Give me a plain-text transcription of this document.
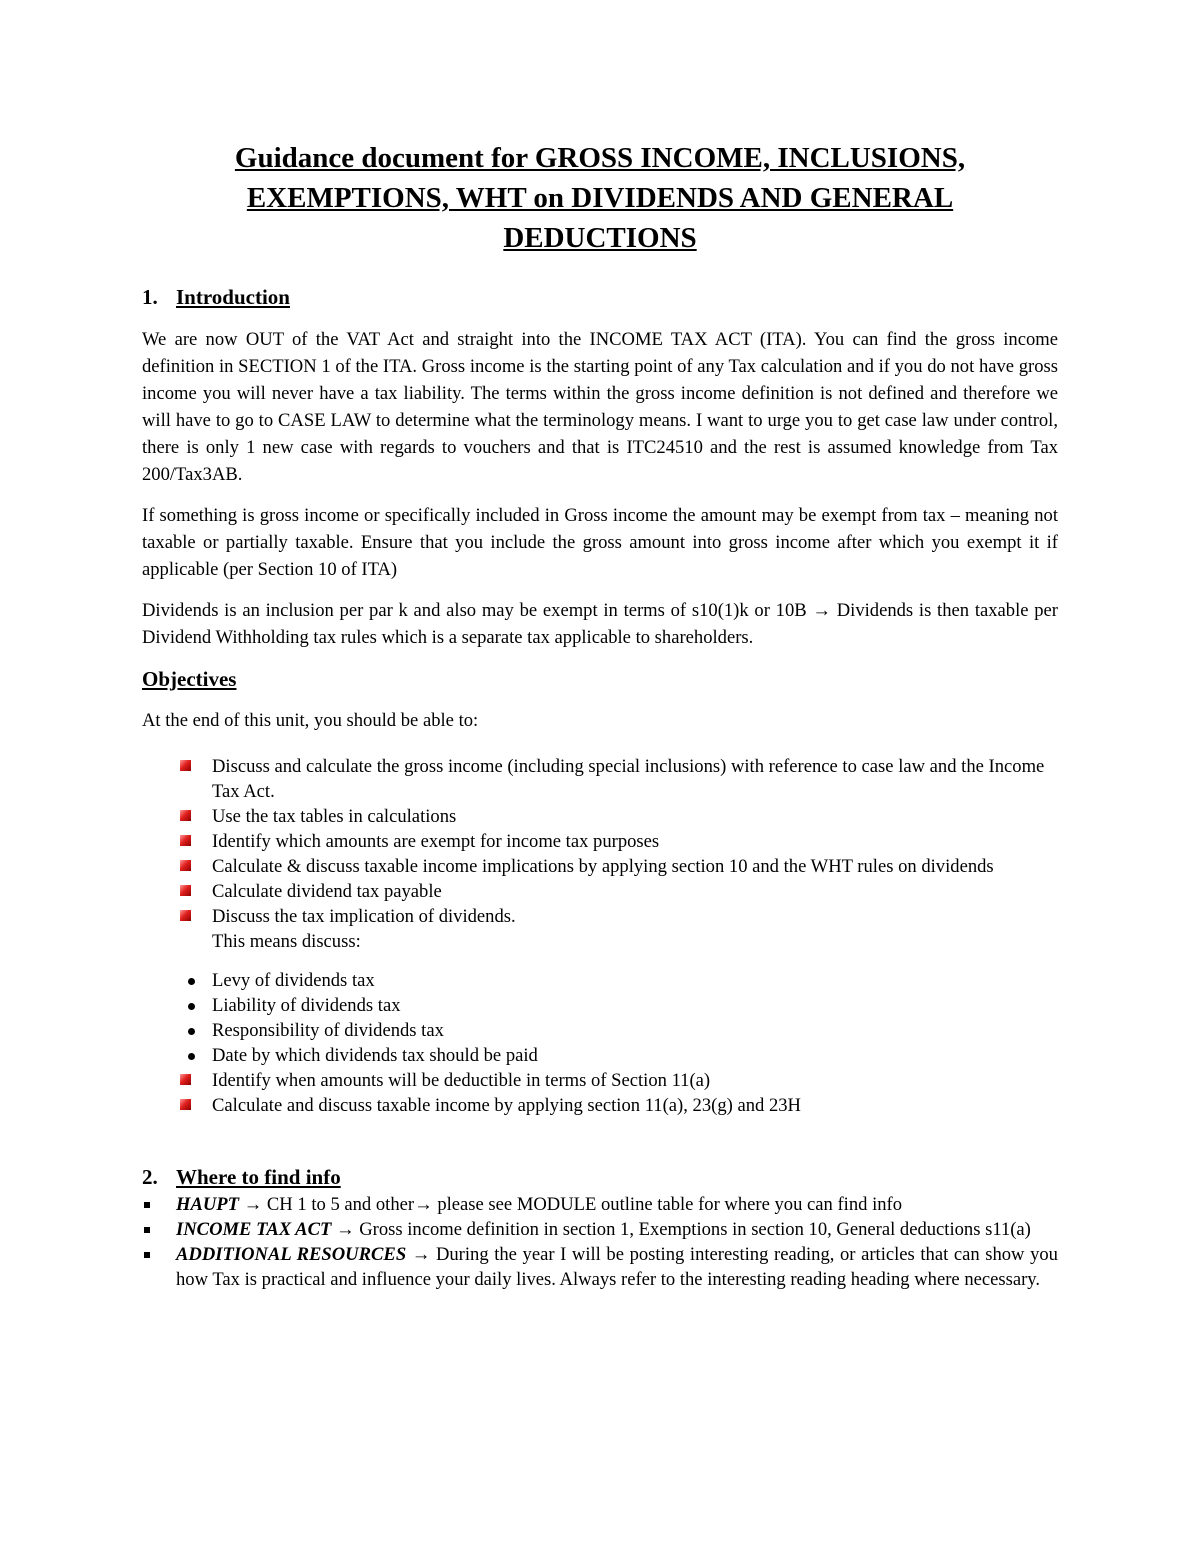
Guidance document for GROSS INCOME, INCLUSIONS,
EXEMPTIONS, WHT on DIVIDENDS AND GENERAL
DEDUCTIONS
1. Introduction

We are now OUT of the VAT Act and straight into the INCOME TAX ACT (ITA). You can find the gross income definition in SECTION 1 of the ITA. Gross income is the starting point of any Tax calculation and if you do not have gross income you will never have a tax liability. The terms within the gross income definition is not defined and therefore we will have to go to CASE LAW to determine what the terminology means. I want to urge you to get case law under control, there is only 1 new case with regards to vouchers and that is ITC24510 and the rest is assumed knowledge from Tax 200/Tax3AB.

If something is gross income or specifically included in Gross income the amount may be exempt from tax – meaning not taxable or partially taxable. Ensure that you include the gross amount into gross income after which you exempt it if applicable (per Section 10 of ITA)

Dividends is an inclusion per par k and also may be exempt in terms of s10(1)k or 10B → Dividends is then taxable per Dividend Withholding tax rules which is a separate tax applicable to shareholders.

Objectives
At the end of this unit, you should be able to:
Discuss and calculate the gross income (including special inclusions) with reference to case law and the Income Tax Act.
Use the tax tables in calculations
Identify which amounts are exempt for income tax purposes
Calculate & discuss taxable income implications by applying section 10 and the WHT rules on dividends
Calculate dividend tax payable
Discuss the tax implication of dividends.
This means discuss:
Levy of dividends tax
Liability of dividends tax
Responsibility of dividends tax
Date by which dividends tax should be paid
Identify when amounts will be deductible in terms of Section 11(a)
Calculate and discuss taxable income by applying section 11(a), 23(g) and 23H
2. Where to find info
HAUPT → CH 1 to 5 and other→ please see MODULE outline table for where you can find info
INCOME TAX ACT → Gross income definition in section 1, Exemptions in section 10, General deductions s11(a)
ADDITIONAL RESOURCES → During the year I will be posting interesting reading, or articles that can show you how Tax is practical and influence your daily lives. Always refer to the interesting reading heading where necessary.
